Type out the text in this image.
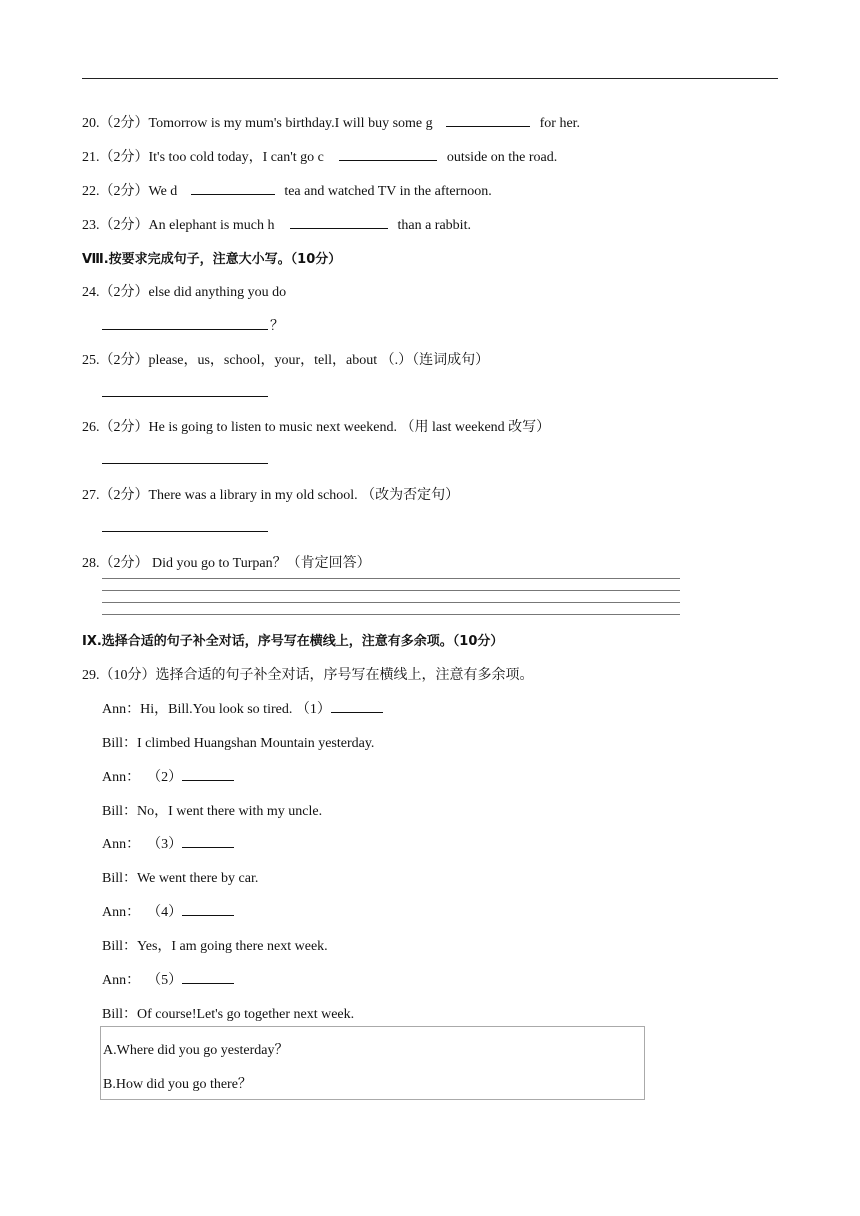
20.（2分）Tomorrow is my mum's birthday.I will buy some g	for her.
21.（2分）It's too cold today，I can't go c	outside on the road.
22.（2分）We d	tea and watched TV in the afternoon.
23.（2分）An elephant is much h	than a rabbit.
Ⅷ.按要求完成句子，注意大小写。（10分）
24.（2分）else did anything you do
？
25.（2分）please，us，school，your，tell，about （.）（连词成句）
26.（2分）He is going to listen to music next weekend. （用 last weekend 改写）
27.（2分）There was a library in my old school. （改为否定句）
28.（2分） Did you go to Turpan？（肯定回答）
IX.选择合适的句子补全对话，序号写在横线上，注意有多余项。（10分）
29.（10分）选择合适的句子补全对话，序号写在横线上，注意有多余项。
Ann：Hi，Bill.You look so tired. （1）
Bill：I climbed Huangshan Mountain yesterday.
Ann： （2）
Bill：No，I went there with my uncle.
Ann： （3）
Bill：We went there by car.
Ann： （4）
Bill：Yes，I am going there next week.
Ann： （5）
Bill：Of course!Let's go together next week.
A.Where did you go yesterday？
B.How did you go there？
